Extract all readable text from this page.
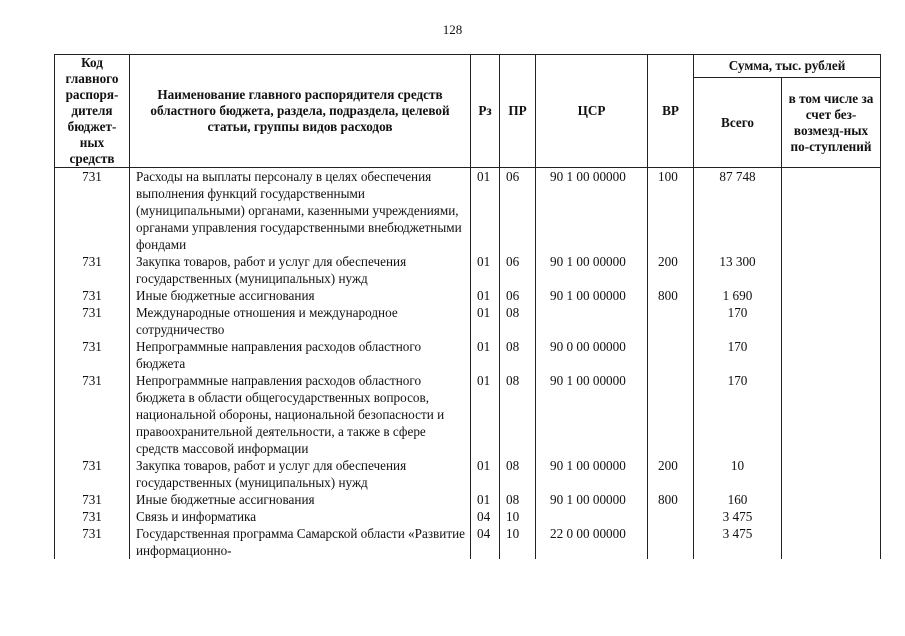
128
Код главного распоря-дителя бюджет-ных средств	Наименование главного распорядителя средств областного бюджета, раздела, подраздела, целевой статьи, группы видов расходов	Рз	ПР	ЦСР	ВР	Сумма, тыс. рублей	
						Всего	в том числе за счет без-возмезд-ных по-ступлений
731	Расходы на выплаты персоналу в целях обеспечения выполнения функций государственными (муниципальными) органами, казенными учреждениями, органами управления государственными внебюджетными фондами	01	06	90 1 00 00000	100	87 748	
731	Закупка товаров, работ и услуг для обеспечения государственных (муниципальных) нужд	01	06	90 1 00 00000	200	13 300	
731	Иные бюджетные ассигнования	01	06	90 1 00 00000	800	1 690	
731	Международные отношения и международное сотрудничество	01	08			170	
731	Непрограммные направления расходов областного бюджета	01	08	90 0 00 00000		170	
731	Непрограммные направления расходов областного бюджета в области общегосударственных вопросов, национальной обороны, национальной безопасности и правоохранительной деятельности, а также в сфере средств массовой информации	01	08	90 1 00 00000		170	
731	Закупка товаров, работ и услуг для обеспечения государственных (муниципальных) нужд	01	08	90 1 00 00000	200	10	
731	Иные бюджетные ассигнования	01	08	90 1 00 00000	800	160	
731	Связь и информатика	04	10			3 475	
731	Государственная программа Самарской области «Развитие информационно-	04	10	22 0 00 00000		3 475	
